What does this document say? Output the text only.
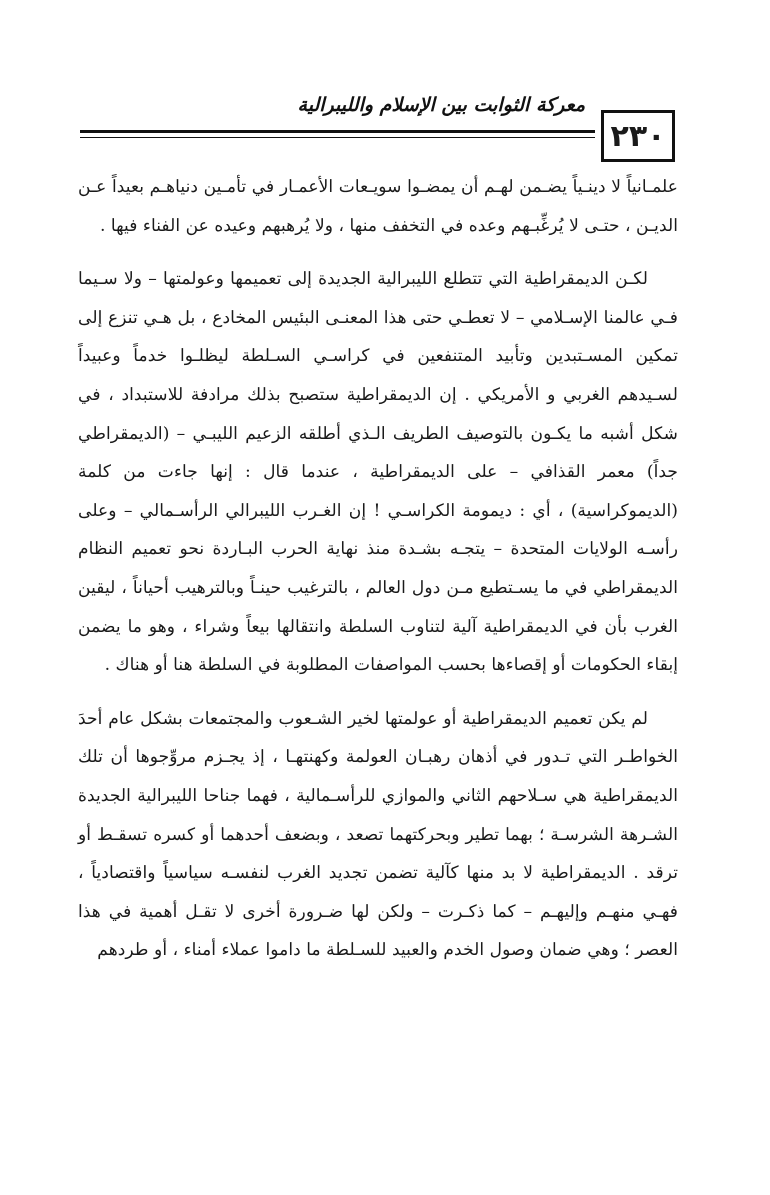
٢٣٠
معركة الثوابت بين الإسلام والليبرالية

علمـانياً لا دينـياً يضـمن لهـم أن يمضـوا سويـعات الأعمـار في تأمـين دنياهـم بعيداً عـن الديـن ، حتـى لا يُرغِّبـهم وعده في التخفف منها ، ولا يُرهبهم وعيده عن الفناء فيها .

لكـن الديمقراطية التي تتطلع الليبرالية الجديدة إلى تعميمها وعولمتها – ولا سـيما فـي عالمنا الإسـلامي – لا تعطـي حتى هذا المعنـى البئيس المخادع ، بل هـي تنزع إلى تمكين المسـتبدين وتأبيد المتنفعين في كراسـي السـلطة ليظلـوا خدماً وعبيداً لسـيدهم الغربي و الأمريكي . إن الديمقراطية ستصبح بذلك مرادفة للاستبداد ، في شكل أشبه ما يكـون بالتوصيف الطريف الـذي أطلقه الزعيم الليبـي – (الديمقراطي جداً) معمر القذافي – على الديمقراطية ، عندما قال : إنها جاءت من كلمة (الديموكراسية) ، أي : ديمومة الكراسـي ! إن الغـرب الليبرالي الرأسـمالي – وعلى رأسـه الولايات المتحدة – يتجـه بشـدة منذ نهاية الحرب البـاردة نحو تعميم النظام الديمقراطي في ما يسـتطيع مـن دول العالم ، بالترغيب حينـاً وبالترهيب أحياناً ، ليقين الغرب بأن في الديمقراطية آلية لتناوب السلطة وانتقالها بيعاً وشراء ، وهو ما يضمن إبقاء الحكومات أو إقصاءها بحسب المواصفات المطلوبة في السلطة هنا أو هناك .

لم يكن تعميم الديمقراطية أو عولمتها لخير الشـعوب والمجتمعات بشكل عام أحدَ الخواطـر التي تـدور في أذهان رهبـان العولمة وكهنتهـا ، إذ يجـزم مروِّجوها أن تلك الديمقراطية هي سـلاحهم الثاني والموازي للرأسـمالية ، فهما جناحا الليبرالية الجديدة الشـرهة الشرسـة ؛ بهما تطير وبحركتهما تصعد ، وبضعف أحدهما أو كسره تسقـط أو ترقد . الديمقراطية لا بد منها كآلية تضمن تجديد الغرب لنفسـه سياسياً واقتصادياً ، فهـي منهـم وإليهـم – كما ذكـرت – ولكن لها ضـرورة أخرى لا تقـل أهمية في هذا العصر ؛ وهي ضمان وصول الخدم والعبيد للسـلطة ما داموا عملاء أمناء ، أو طردهم
